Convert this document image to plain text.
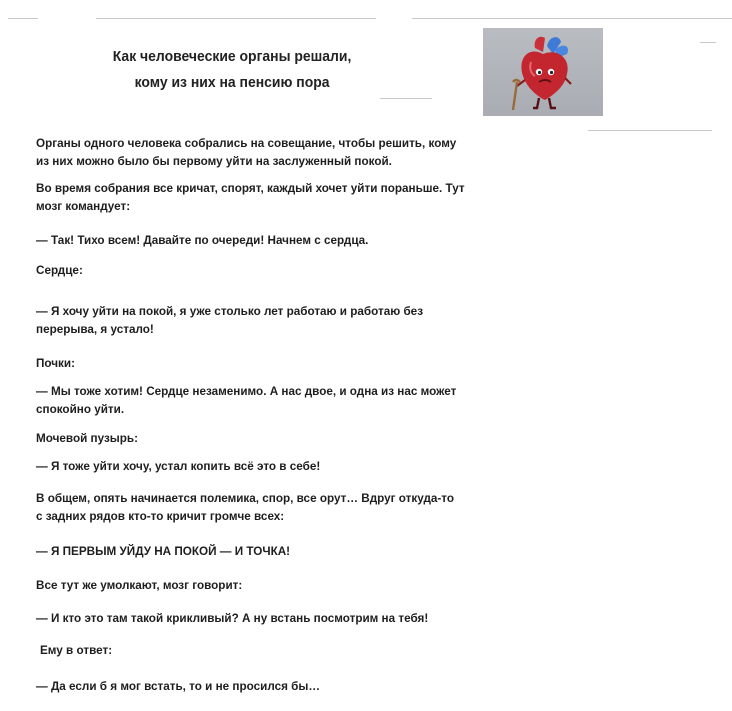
Как человеческие органы решали,
кому из них на пенсию пора
Органы одного человека собрались на совещание, чтобы решить, кому
из них можно было бы первому уйти на заслуженный покой.
Во время собрания все кричат, спорят, каждый хочет уйти пораньше. Тут
мозг командует:
— Так! Тихо всем! Давайте по очереди! Начнем с сердца.
Сердце:
— Я хочу уйти на покой, я уже столько лет работаю и работаю без
перерыва, я устало!
Почки:
— Мы тоже хотим! Сердце незаменимо. А нас двое, и одна из нас может
спокойно уйти.
Мочевой пузырь:
— Я тоже уйти хочу, устал копить всё это в себе!
В общем, опять начинается полемика, спор, все орут… Вдруг откуда-то
с задних рядов кто-то кричит громче всех:
— Я ПЕРВЫМ УЙДУ НА ПОКОЙ — И ТОЧКА!
Все тут же умолкают, мозг говорит:
— И кто это там такой крикливый? А ну встань посмотрим на тебя!
Ему в ответ:
— Да если б я мог встать, то и не просился бы…
